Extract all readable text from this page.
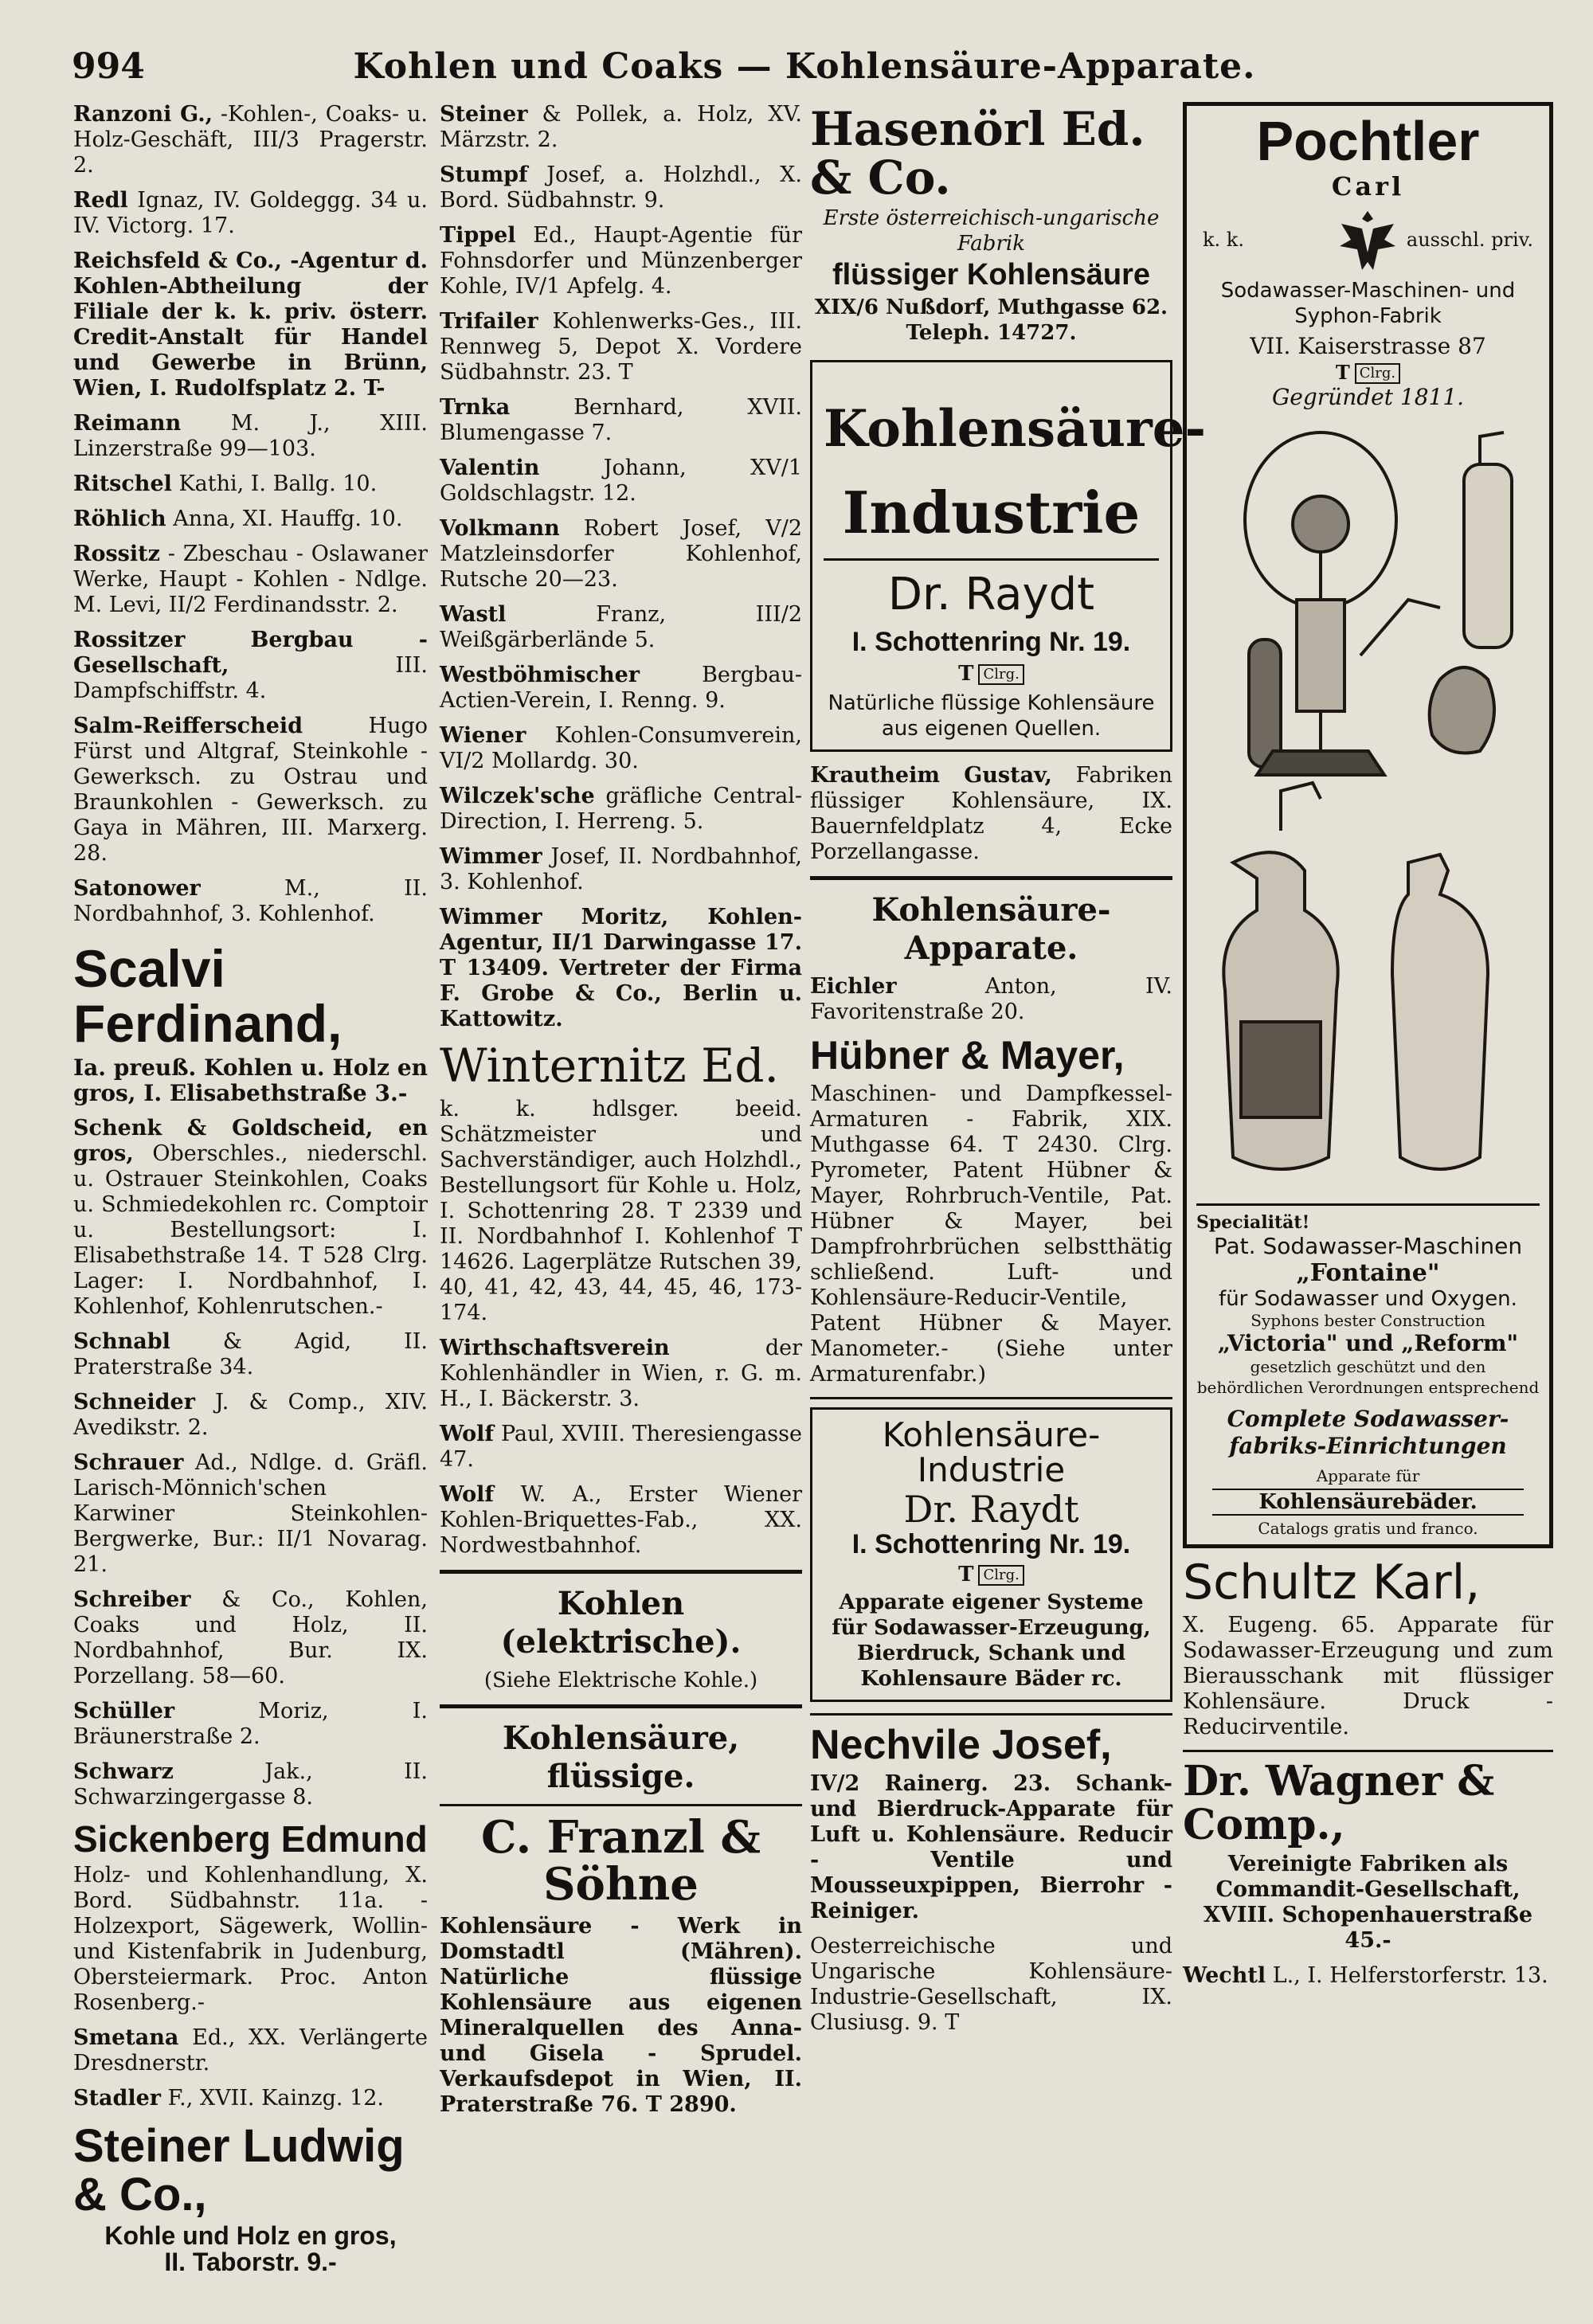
994	Kohlen und Coaks — Kohlensäure-Apparate.
Ranzoni G., -Kohlen-, Coaks- u. Holz-Geschäft, III/3 Pragerstr. 2.
Redl Ignaz, IV. Goldeggg. 34 u. IV. Victorg. 17.
Reichsfeld & Co., -Agentur d. Kohlen-Abtheilung der Filiale der k. k. priv. österr. Credit-Anstalt für Handel und Gewerbe in Brünn, Wien, I. Rudolfsplatz 2. T-
Reimann M. J., XIII. Linzerstraße 99—103.
Ritschel Kathi, I. Ballg. 10.
Röhlich Anna, XI. Hauffg. 10.
Rossitz - Zbeschau - Oslawaner Werke, Haupt - Kohlen - Ndlge. M. Levi, II/2 Ferdinandsstr. 2.
Rossitzer Bergbau - Gesellschaft, III. Dampfschiffstr. 4.
Salm-Reifferscheid Hugo Fürst und Altgraf, Steinkohle - Gewerksch. zu Ostrau und Braunkohlen - Gewerksch. zu Gaya in Mähren, III. Marxerg. 28.
Satonower M., II. Nordbahnhof, 3. Kohlenhof.
Scalvi Ferdinand,
Ia. preuß. Kohlen u. Holz en gros, I. Elisabethstraße 3.-
Schenk & Goldscheid, en gros, Oberschles., niederschl. u. Ostrauer Steinkohlen, Coaks u. Schmiedekohlen rc. Comptoir u. Bestellungsort: I. Elisabethstraße 14. T 528 Clrg. Lager: I. Nordbahnhof, I. Kohlenhof, Kohlenrutschen.-
Schnabl & Agid, II. Praterstraße 34.
Schneider J. & Comp., XIV. Avedikstr. 2.
Schrauer Ad., Ndlge. d. Gräfl. Larisch-Mönnich'schen Karwiner Steinkohlen-Bergwerke, Bur.: II/1 Novarag. 21.
Schreiber & Co., Kohlen, Coaks und Holz, II. Nordbahnhof, Bur. IX. Porzellang. 58—60.
Schüller Moriz, I. Bräunerstraße 2.
Schwarz Jak., II. Schwarzingergasse 8.
Sickenberg Edmund
Holz- und Kohlenhandlung, X. Bord. Südbahnstr. 11a. -Holzexport, Sägewerk, Wollin- und Kistenfabrik in Judenburg, Obersteiermark. Proc. Anton Rosenberg.-
Smetana Ed., XX. Verlängerte Dresdnerstr.
Stadler F., XVII. Kainzg. 12.
Steiner Ludwig & Co.,
Kohle und Holz en gros,
II. Taborstr. 9.-
Steiner & Pollek, a. Holz, XV. Märzstr. 2.
Stumpf Josef, a. Holzhdl., X. Bord. Südbahnstr. 9.
Tippel Ed., Haupt-Agentie für Fohnsdorfer und Münzenberger Kohle, IV/1 Apfelg. 4.
Trifailer Kohlenwerks-Ges., III. Rennweg 5, Depot X. Vordere Südbahnstr. 23. T
Trnka Bernhard, XVII. Blumengasse 7.
Valentin Johann, XV/1 Goldschlagstr. 12.
Volkmann Robert Josef, V/2 Matzleinsdorfer Kohlenhof, Rutsche 20—23.
Wastl Franz, III/2 Weißgärberlände 5.
Westböhmischer Bergbau-Actien-Verein, I. Renng. 9.
Wiener Kohlen-Consumverein, VI/2 Mollardg. 30.
Wilczek'sche gräfliche Central-Direction, I. Herreng. 5.
Wimmer Josef, II. Nordbahnhof, 3. Kohlenhof.
Wimmer Moritz, Kohlen-Agentur, II/1 Darwingasse 17. T 13409. Vertreter der Firma F. Grobe & Co., Berlin u. Kattowitz.
Winternitz Ed.
k. k. hdlsger. beeid. Schätzmeister und Sachverständiger, auch Holzhdl., Bestellungsort für Kohle u. Holz, I. Schottenring 28. T 2339 und II. Nordbahnhof I. Kohlenhof T 14626. Lagerplätze Rutschen 39, 40, 41, 42, 43, 44, 45, 46, 173-174.
Wirthschaftsverein der Kohlenhändler in Wien, r. G. m. H., I. Bäckerstr. 3.
Wolf Paul, XVIII. Theresiengasse 47.
Wolf W. A., Erster Wiener Kohlen-Briquettes-Fab., XX. Nordwestbahnhof.
Kohlen (elektrische).
(Siehe Elektrische Kohle.)
Kohlensäure, flüssige.
C. Franzl & Söhne
Kohlensäure - Werk in Domstadtl (Mähren). Natürliche flüssige Kohlensäure aus eigenen Mineralquellen des Anna- und Gisela - Sprudel. Verkaufsdepot in Wien, II. Praterstraße 76. T 2890.
Hasenörl Ed. & Co.
Erste österreichisch-ungarische Fabrik
flüssiger Kohlensäure
XIX/6 Nußdorf, Muthgasse 62. Teleph. 14727.
Kohlensäure-
Industrie
Dr. Raydt
I. Schottenring Nr. 19.
T Clrg.
Natürliche flüssige Kohlensäure aus eigenen Quellen.
Krautheim Gustav, Fabriken flüssiger Kohlensäure, IX. Bauernfeldplatz 4, Ecke Porzellangasse.
Kohlensäure-Apparate.
Eichler Anton, IV. Favoritenstraße 20.
Hübner & Mayer,
Maschinen- und Dampfkessel-Armaturen - Fabrik, XIX. Muthgasse 64. T 2430. Clrg. Pyrometer, Patent Hübner & Mayer, Rohrbruch-Ventile, Pat. Hübner & Mayer, bei Dampfrohrbrüchen selbstthätig schließend. Luft- und Kohlensäure-Reducir-Ventile, Patent Hübner & Mayer. Manometer.- (Siehe unter Armaturenfabr.)
Kohlensäure-Industrie
Dr. Raydt
I. Schottenring Nr. 19.
T Clrg.
Apparate eigener Systeme für Sodawasser-Erzeugung, Bierdruck, Schank und Kohlensaure Bäder rc.
Nechvile Josef,
IV/2 Rainerg. 23. Schank- und Bierdruck-Apparate für Luft u. Kohlensäure. Reducir - Ventile und Mousseuxpippen, Bierrohr - Reiniger.
Oesterreichische und Ungarische Kohlensäure-Industrie-Gesellschaft, IX. Clusiusg. 9. T
Pochtler
Carl
k. k.	ausschl. priv.
Sodawasser-Maschinen- und Syphon-Fabrik
VII. Kaiserstrasse 87
T Clrg.
Gegründet 1811.
Specialität!
Pat. Sodawasser-Maschinen
„Fontaine"
für Sodawasser und Oxygen.
Syphons bester Construction
„Victoria" und „Reform"
gesetzlich geschützt und den behördlichen Verordnungen entsprechend
Complete Sodawasser-fabriks-Einrichtungen
Apparate für
Kohlensäurebäder.
Catalogs gratis und franco.
Schultz Karl,
X. Eugeng. 65. Apparate für Sodawasser-Erzeugung und zum Bierausschank mit flüssiger Kohlensäure. Druck - Reducirventile.
Dr. Wagner & Comp.,
Vereinigte Fabriken als Commandit-Gesellschaft, XVIII. Schopenhauerstraße 45.-
Wechtl L., I. Helferstorferstr. 13.
